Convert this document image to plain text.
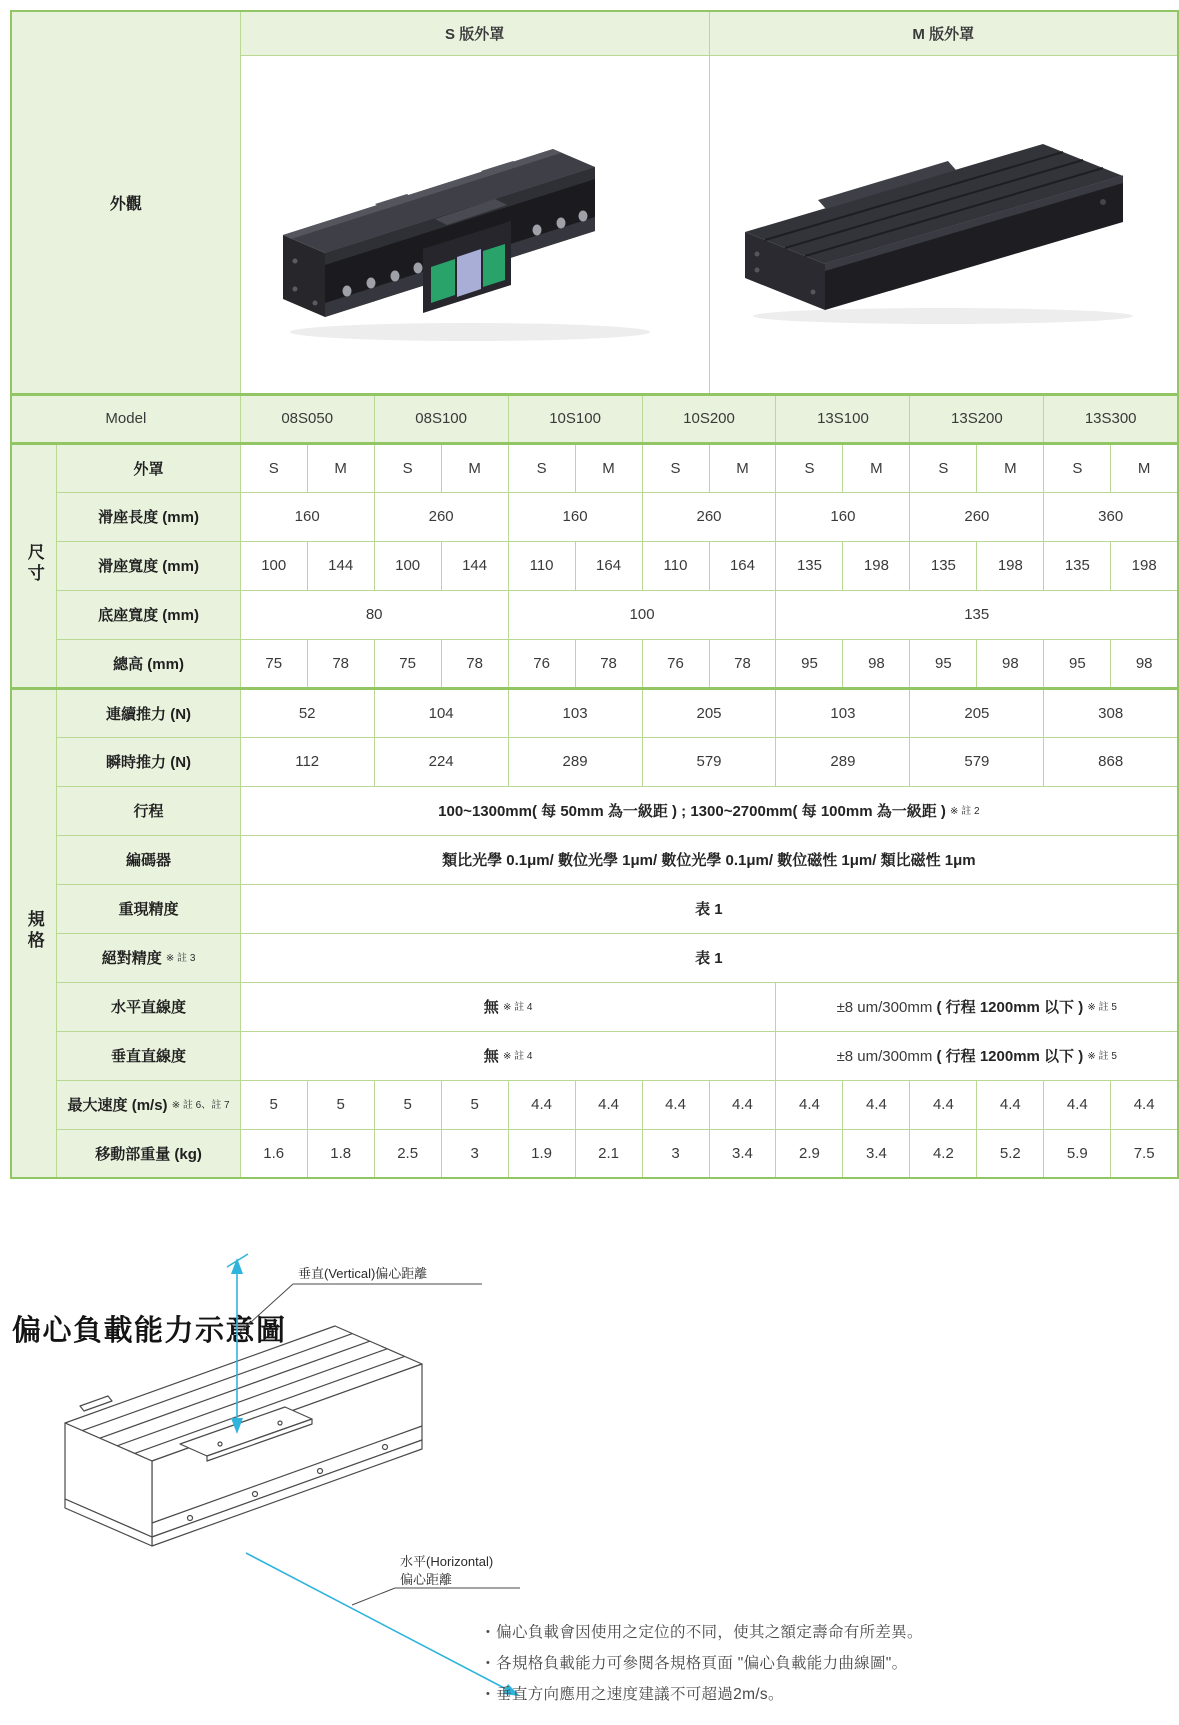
外觀		S 版外罩							M 版外罩						

Model		08S050		08S100		10S100		10S200		13S100		13S200		13S300	
尺寸	外罩	S	M	S	M	S	M	S	M	S	M	S	M	S	M
	滑座長度 (mm)	160		260		160		260		160		260		360	
	滑座寬度 (mm)	100	144	100	144	110	164	110	164	135	198	135	198	135	198
	底座寬度 (mm)	80				100				135					
	總高 (mm)	75	78	75	78	76	78	76	78	95	98	95	98	95	98
規格	連續推力 (N)	52		104		103		205		103		205		308	
	瞬時推力 (N)	112		224		289		579		289		579		868	
	行程	100~1300mm( 每 50mm 為一級距 ) ; 1300~2700mm( 每 100mm 為一級距 ) ※ 註 2													
	編碼器	類比光學 0.1μm/ 數位光學 1μm/ 數位光學 0.1μm/ 數位磁性 1μm/ 類比磁性 1μm													
	重現精度	表 1													
	絕對精度 ※ 註 3	表 1													
	水平直線度	無 ※ 註 4								±8 um/300mm ( 行程 1200mm 以下 ) ※ 註 5					
	垂直直線度	無 ※ 註 4								±8 um/300mm ( 行程 1200mm 以下 ) ※ 註 5					
	最大速度 (m/s) ※ 註 6、註 7	5	5	5	5	4.4	4.4	4.4	4.4	4.4	4.4	4.4	4.4	4.4	4.4
	移動部重量 (kg)	1.6	1.8	2.5	3	1.9	2.1	3	3.4	2.9	3.4	4.2	5.2	5.9	7.5
偏心負載能力示意圖
垂直(Vertical)偏心距離
水平(Horizontal)
偏心距離
• 偏心負載會因使用之定位的不同，使其之額定壽命有所差異。
• 各規格負載能力可參閱各規格頁面 "偏心負載能力曲線圖"。
• 垂直方向應用之速度建議不可超過2m/s。
